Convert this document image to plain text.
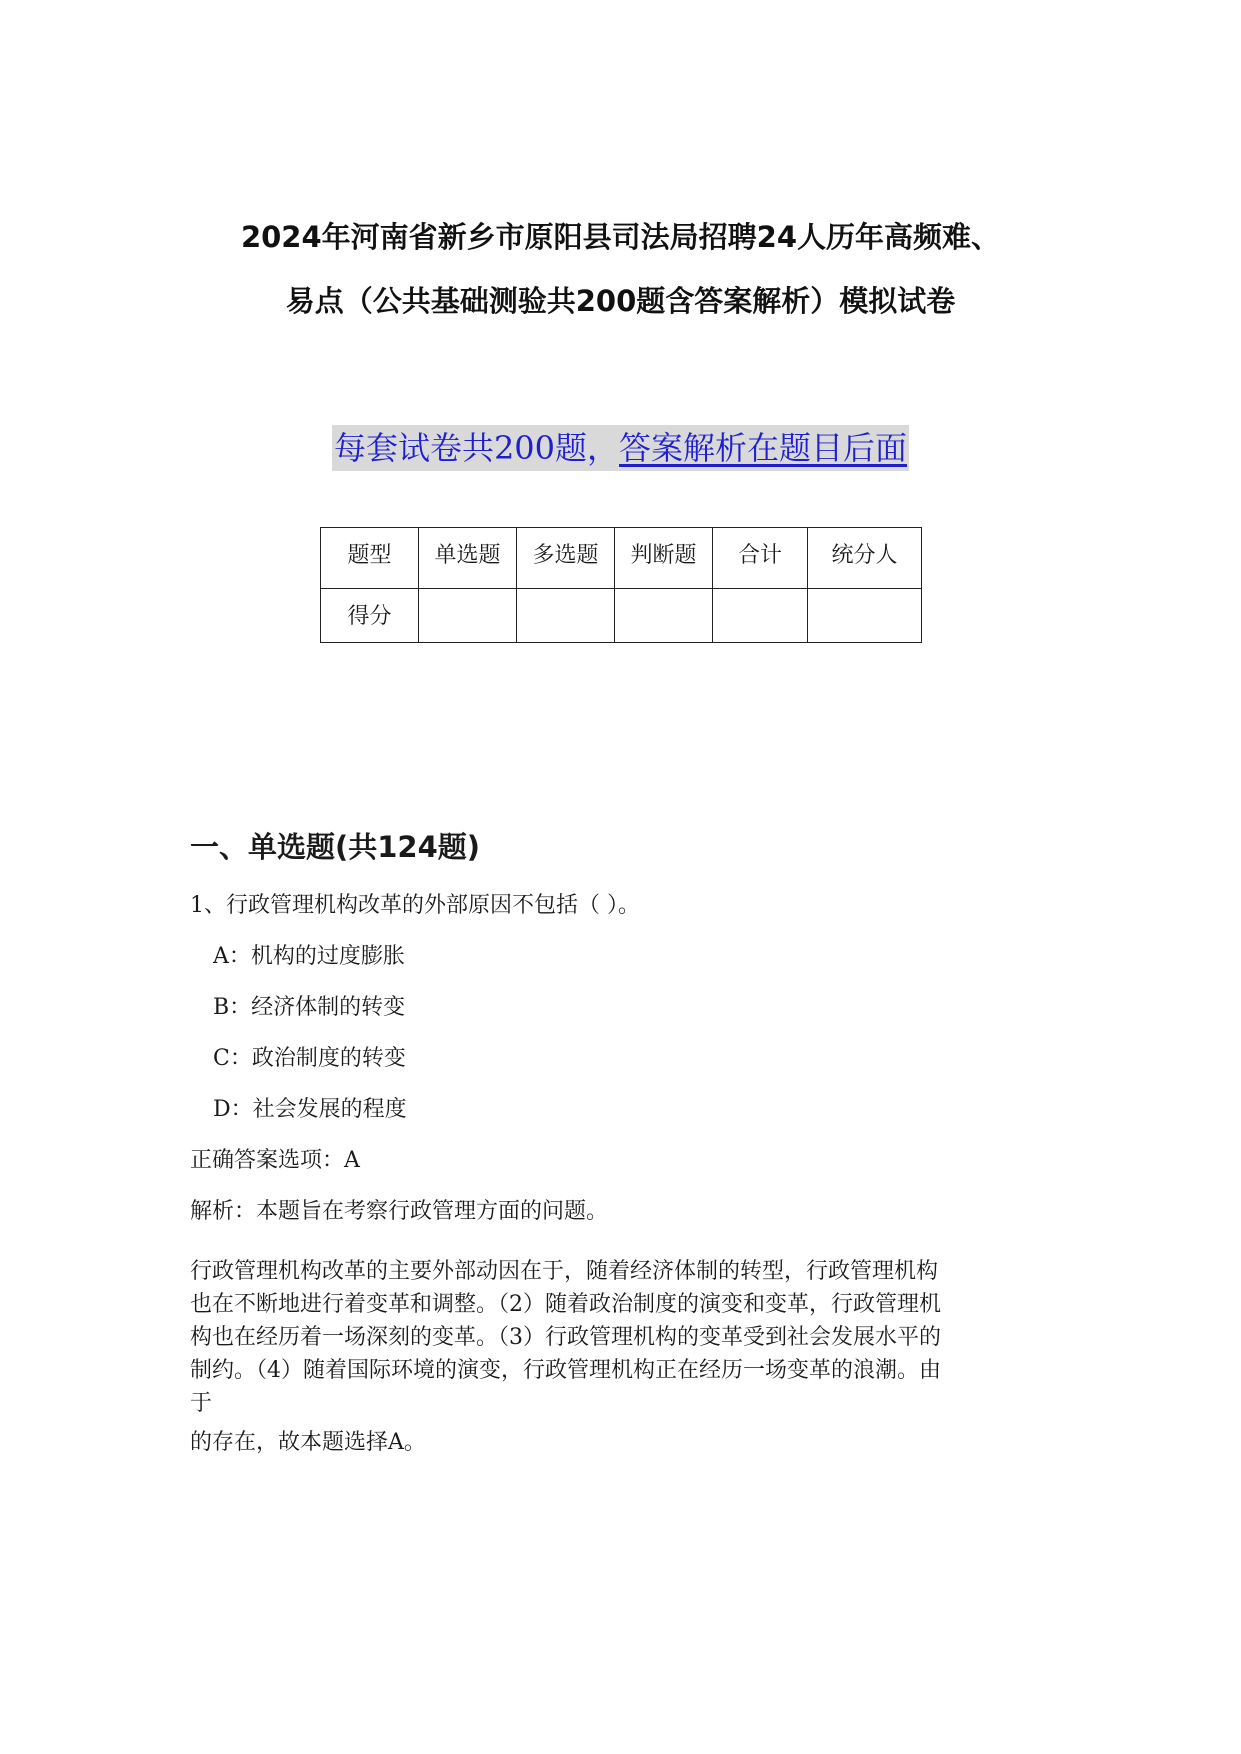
2024年河南省新乡市原阳县司法局招聘24人历年高频难、
易点（公共基础测验共200题含答案解析）模拟试卷
每套试卷共200题，答案解析在题目后面
题型	单选题	多选题	判断题	合计	统分人
得分					
一、单选题(共124题)
1、行政管理机构改革的外部原因不包括（ ）。
A：机构的过度膨胀
B：经济体制的转变
C：政治制度的转变
D：社会发展的程度
正确答案选项：A
解析：本题旨在考察行政管理方面的问题。
行政管理机构改革的主要外部动因在于，随着经济体制的转型，行政管理机构
也在不断地进行着变革和调整。（2）随着政治制度的演变和变革，行政管理机
构也在经历着一场深刻的变革。（3）行政管理机构的变革受到社会发展水平的
制约。（4）随着国际环境的演变，行政管理机构正在经历一场变革的浪潮。由
于
的存在，故本题选择A。
